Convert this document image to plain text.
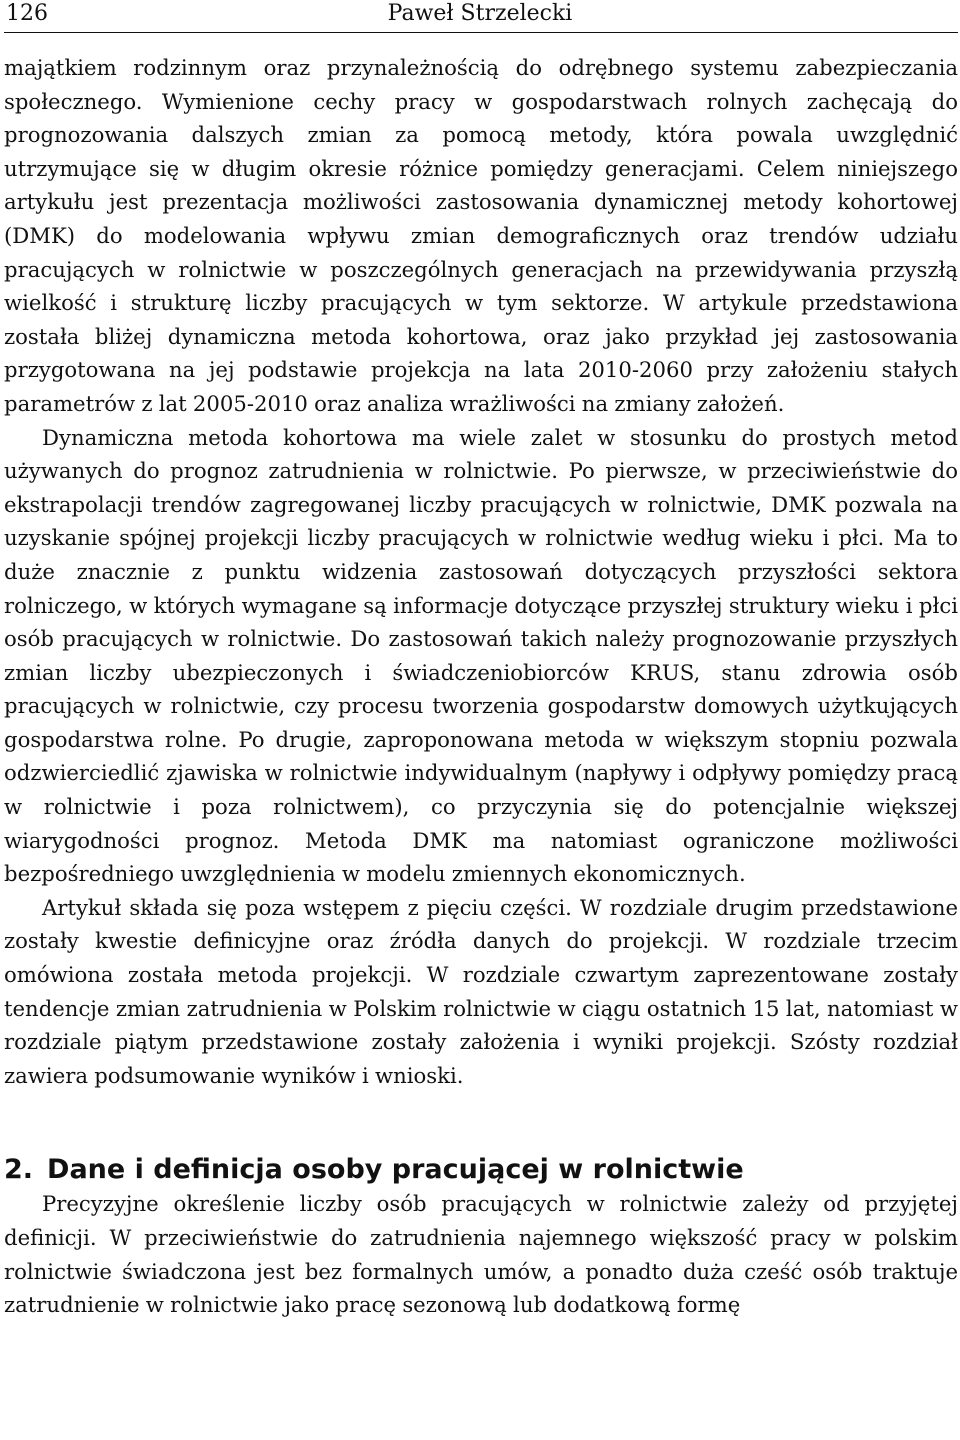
126	Paweł Strzelecki

majątkiem rodzinnym oraz przynależnością do odrębnego systemu zabezpieczania społecznego. Wymienione cechy pracy w gospodarstwach rolnych zachęcają do prognozowania dalszych zmian za pomocą metody, która powala uwzględnić utrzymujące się w długim okresie różnice pomiędzy generacjami. Celem niniejszego artykułu jest prezentacja możliwości zastosowania dynamicznej metody kohortowej (DMK) do modelowania wpływu zmian demograficznych oraz trendów udziału pracujących w rolnictwie w poszczególnych generacjach na przewidywania przyszłą wielkość i strukturę liczby pracujących w tym sektorze. W artykule przedstawiona została bliżej dynamiczna metoda kohortowa, oraz jako przykład jej zastosowania przygotowana na jej podstawie projekcja na lata 2010-2060 przy założeniu stałych parametrów z lat 2005-2010 oraz analiza wrażliwości na zmiany założeń.

Dynamiczna metoda kohortowa ma wiele zalet w stosunku do prostych metod używanych do prognoz zatrudnienia w rolnictwie. Po pierwsze, w przeciwieństwie do ekstrapolacji trendów zagregowanej liczby pracujących w rolnictwie, DMK pozwala na uzyskanie spójnej projekcji liczby pracujących w rolnictwie według wieku i płci. Ma to duże znacznie z punktu widzenia zastosowań dotyczących przyszłości sektora rolniczego, w których wymagane są informacje dotyczące przyszłej struktury wieku i płci osób pracujących w rolnictwie. Do zastosowań takich należy prognozowanie przyszłych zmian liczby ubezpieczonych i świadczeniobiorców KRUS, stanu zdrowia osób pracujących w rolnictwie, czy procesu tworzenia gospodarstw domowych użytkujących gospodarstwa rolne. Po drugie, zaproponowana metoda w większym stopniu pozwala odzwierciedlić zjawiska w rolnictwie indywidualnym (napływy i odpływy pomiędzy pracą w rolnictwie i poza rolnictwem), co przyczynia się do potencjalnie większej wiarygodności prognoz. Metoda DMK ma natomiast ograniczone możliwości bezpośredniego uwzględnienia w modelu zmiennych ekonomicznych.

Artykuł składa się poza wstępem z pięciu części. W rozdziale drugim przedstawione zostały kwestie definicyjne oraz źródła danych do projekcji. W rozdziale trzecim omówiona została metoda projekcji. W rozdziale czwartym zaprezentowane zostały tendencje zmian zatrudnienia w Polskim rolnictwie w ciągu ostatnich 15 lat, natomiast w rozdziale piątym przedstawione zostały założenia i wyniki projekcji. Szósty rozdział zawiera podsumowanie wyników i wnioski.

2. Dane i definicja osoby pracującej w rolnictwie

Precyzyjne określenie liczby osób pracujących w rolnictwie zależy od przyjętej definicji. W przeciwieństwie do zatrudnienia najemnego większość pracy w polskim rolnictwie świadczona jest bez formalnych umów, a ponadto duża cześć osób traktuje zatrudnienie w rolnictwie jako pracę sezonową lub dodatkową formę
